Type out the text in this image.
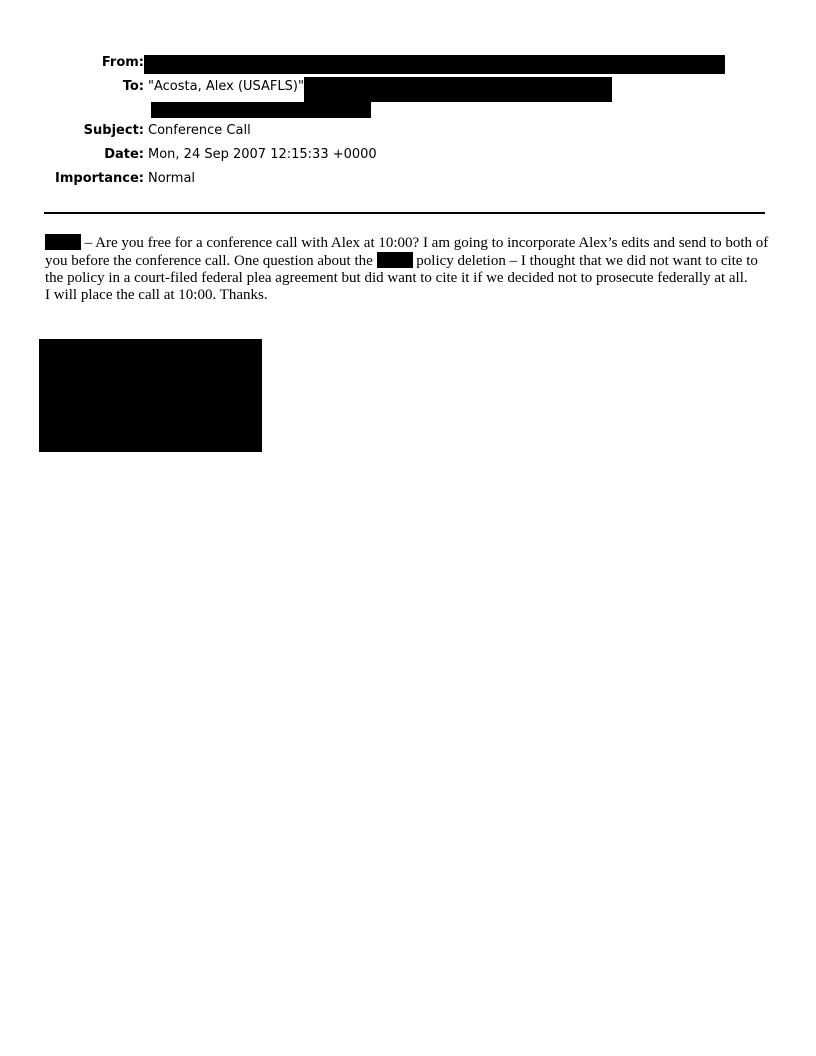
From:
To: "Acosta, Alex (USAFLS)"
Subject: Conference Call
Date: Mon, 24 Sep 2007 12:15:33 +0000
Importance: Normal

– Are you free for a conference call with Alex at 10:00? I am going to incorporate Alex’s edits and send to both of you before the conference call. One question about the  policy deletion – I thought that we did not want to cite to the policy in a court-filed federal plea agreement but did want to cite it if we decided not to prosecute federally at all.

I will place the call at 10:00. Thanks.
